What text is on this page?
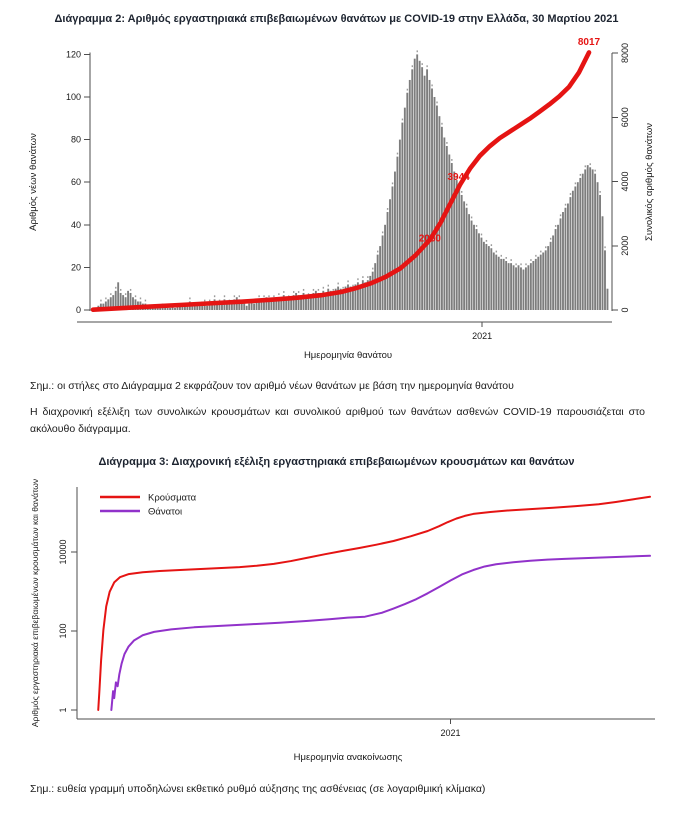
Διάγραμμα 2: Αριθμός εργαστηριακά επιβεβαιωμένων θανάτων με COVID-19 στην Ελλάδα, 30 Μαρτίου 2021
0
20
40
60
80
100
120
0
2000
4000
6000
8000
2021
2050
3944
8017
Αριθμός νέων θανάτων	Συνολικός αριθμός θανάτων
Ημερομηνία θανάτου
Σημ.: οι στήλες στο Διάγραμμα 2 εκφράζουν τον αριθμό νέων θανάτων με βάση την ημερομηνία θανάτου
Η διαχρονική εξέλιξη των συνολικών κρουσμάτων και συνολικού αριθμού των θανάτων ασθενών COVID-19 παρουσιάζεται στο ακόλουθο διάγραμμα.
Διάγραμμα 3: Διαχρονική εξέλιξη εργαστηριακά επιβεβαιωμένων κρουσμάτων και θανάτων
1
100
10000
2021
Κρούσματα
Θάνατοι
Αριθμός εργαστηριακά επιβεβαιωμένων κρουσμάτων και θανάτων
Ημερομηνία ανακοίνωσης
Σημ.: ευθεία γραμμή υποδηλώνει εκθετικό ρυθμό αύξησης της ασθένειας (σε λογαριθμική κλίμακα)
